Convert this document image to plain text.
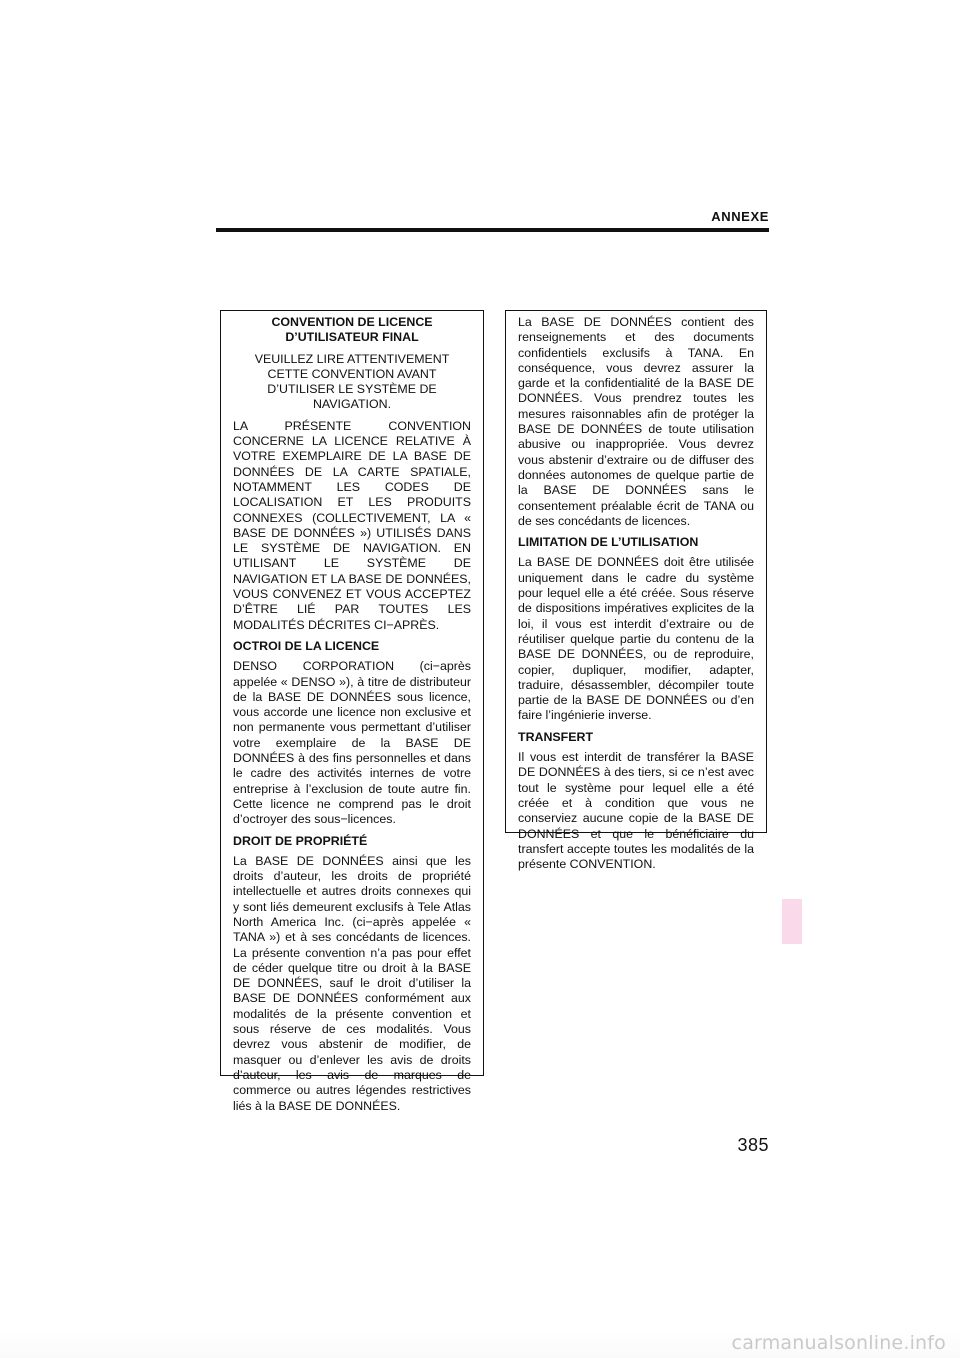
ANNEXE

CONVENTION DE LICENCE
D’UTILISATEUR FINAL

VEUILLEZ LIRE ATTENTIVEMENT CETTE CONVENTION AVANT D’UTILISER LE SYSTÈME DE NAVIGATION.

LA PRÉSENTE CONVENTION CONCERNE LA LICENCE RELATIVE À VOTRE EXEMPLAIRE DE LA BASE DE DONNÉES DE LA CARTE SPATIALE, NOTAMMENT LES CODES DE LOCALISATION ET LES PRODUITS CONNEXES (COLLECTIVEMENT, LA « BASE DE DONNÉES ») UTILISÉS DANS LE SYSTÈME DE NAVIGATION. EN UTILISANT LE SYSTÈME DE NAVIGATION ET LA BASE DE DONNÉES, VOUS CONVENEZ ET VOUS ACCEPTEZ D’ÊTRE LIÉ PAR TOUTES LES MODALITÉS DÉCRITES CI−APRÈS.

OCTROI DE LA LICENCE

DENSO CORPORATION (ci−après appelée « DENSO »), à titre de distributeur de la BASE DE DONNÉES sous licence, vous accorde une licence non exclusive et non permanente vous permettant d’utiliser votre exemplaire de la BASE DE DONNÉES à des fins personnelles et dans le cadre des activités internes de votre entreprise à l’exclusion de toute autre fin. Cette licence ne comprend pas le droit d’octroyer des sous−licences.

DROIT DE PROPRIÉTÉ

La BASE DE DONNÉES ainsi que les droits d’auteur, les droits de propriété intellectuelle et autres droits connexes qui y sont liés demeurent exclusifs à Tele Atlas North America Inc. (ci−après appelée « TANA ») et à ses concédants de licences. La présente convention n’a pas pour effet de céder quelque titre ou droit à la BASE DE DONNÉES, sauf le droit d’utiliser la BASE DE DONNÉES conformément aux modalités de la présente convention et sous réserve de ces modalités. Vous devrez vous abstenir de modifier, de masquer ou d’enlever les avis de droits d’auteur, les avis de marques de commerce ou autres légendes restrictives liés à la BASE DE DONNÉES.

La BASE DE DONNÉES contient des renseignements et des documents confidentiels exclusifs à TANA. En conséquence, vous devrez assurer la garde et la confidentialité de la BASE DE DONNÉES. Vous prendrez toutes les mesures raisonnables afin de protéger la BASE DE DONNÉES de toute utilisation abusive ou inappropriée. Vous devrez vous abstenir d’extraire ou de diffuser des données autonomes de quelque partie de la BASE DE DONNÉES sans le consentement préalable écrit de TANA ou de ses concédants de licences.

LIMITATION DE L’UTILISATION

La BASE DE DONNÉES doit être utilisée uniquement dans le cadre du système pour lequel elle a été créée. Sous réserve de dispositions impératives explicites de la loi, il vous est interdit d’extraire ou de réutiliser quelque partie du contenu de la BASE DE DONNÉES, ou de reproduire, copier, dupliquer, modifier, adapter, traduire, désassembler, décompiler toute partie de la BASE DE DONNÉES ou d’en faire l’ingénierie inverse.

TRANSFERT

Il vous est interdit de transférer la BASE DE DONNÉES à des tiers, si ce n’est avec tout le système pour lequel elle a été créée et à condition que vous ne conserviez aucune copie de la BASE DE DONNÉES et que le bénéficiaire du transfert accepte toutes les modalités de la présente CONVENTION.

385
carmanualsonline.info
